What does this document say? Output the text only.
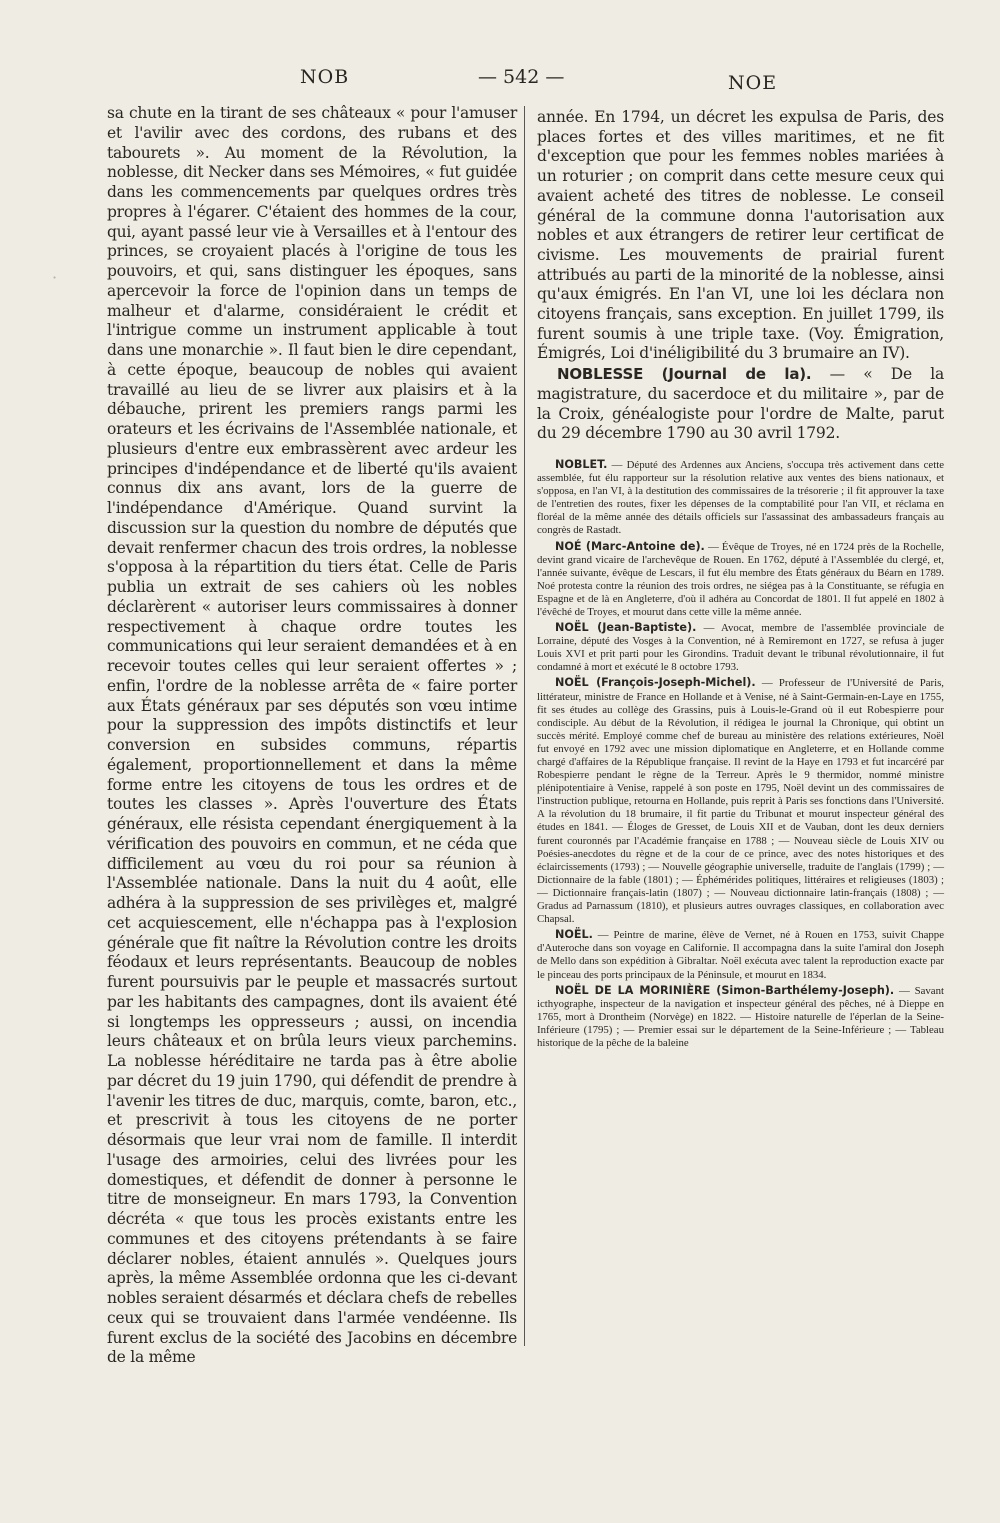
NOB	— 542 —	NOE
sa chute en la tirant de ses châteaux « pour l'amuser et l'avilir avec des cordons, des rubans et des tabourets ». Au moment de la Révolution, la noblesse, dit Necker dans ses Mémoires, « fut guidée dans les commencements par quelques ordres très propres à l'égarer. C'étaient des hommes de la cour, qui, ayant passé leur vie à Versailles et à l'entour des princes, se croyaient placés à l'origine de tous les pouvoirs, et qui, sans distinguer les époques, sans apercevoir la force de l'opinion dans un temps de malheur et d'alarme, considéraient le crédit et l'intrigue comme un instrument applicable à tout dans une monarchie ». Il faut bien le dire cependant, à cette époque, beaucoup de nobles qui avaient travaillé au lieu de se livrer aux plaisirs et à la débauche, prirent les premiers rangs parmi les orateurs et les écrivains de l'Assemblée nationale, et plusieurs d'entre eux embrassèrent avec ardeur les principes d'indépendance et de liberté qu'ils avaient connus dix ans avant, lors de la guerre de l'indépendance d'Amérique. Quand survint la discussion sur la question du nombre de députés que devait renfermer chacun des trois ordres, la noblesse s'opposa à la répartition du tiers état. Celle de Paris publia un extrait de ses cahiers où les nobles déclarèrent « autoriser leurs commissaires à donner respectivement à chaque ordre toutes les communications qui leur seraient demandées et à en recevoir toutes celles qui leur seraient offertes » ; enfin, l'ordre de la noblesse arrêta de « faire porter aux États généraux par ses députés son vœu intime pour la suppression des impôts distinctifs et leur conversion en subsides communs, répartis également, proportionnellement et dans la même forme entre les citoyens de tous les ordres et de toutes les classes ». Après l'ouverture des États généraux, elle résista cependant énergiquement à la vérification des pouvoirs en commun, et ne céda que difficilement au vœu du roi pour sa réunion à l'Assemblée nationale. Dans la nuit du 4 août, elle adhéra à la suppression de ses privilèges et, malgré cet acquiescement, elle n'échappa pas à l'explosion générale que fit naître la Révolution contre les droits féodaux et leurs représentants. Beaucoup de nobles furent poursuivis par le peuple et massacrés surtout par les habitants des campagnes, dont ils avaient été si longtemps les oppresseurs ; aussi, on incendia leurs châteaux et on brûla leurs vieux parchemins. La noblesse héréditaire ne tarda pas à être abolie par décret du 19 juin 1790, qui défendit de prendre à l'avenir les titres de duc, marquis, comte, baron, etc., et prescrivit à tous les citoyens de ne porter désormais que leur vrai nom de famille. Il interdit l'usage des armoiries, celui des livrées pour les domestiques, et défendit de donner à personne le titre de monseigneur. En mars 1793, la Convention décréta « que tous les procès existants entre les communes et des citoyens prétendants à se faire déclarer nobles, étaient annulés ». Quelques jours après, la même Assemblée ordonna que les ci-devant nobles seraient désarmés et déclara chefs de rebelles ceux qui se trouvaient dans l'armée vendéenne. Ils furent exclus de la société des Jacobins en décembre de la même

année. En 1794, un décret les expulsa de Paris, des places fortes et des villes maritimes, et ne fit d'exception que pour les femmes nobles mariées à un roturier ; on comprit dans cette mesure ceux qui avaient acheté des titres de noblesse. Le conseil général de la commune donna l'autorisation aux nobles et aux étrangers de retirer leur certificat de civisme. Les mouvements de prairial furent attribués au parti de la minorité de la noblesse, ainsi qu'aux émigrés. En l'an VI, une loi les déclara non citoyens français, sans exception. En juillet 1799, ils furent soumis à une triple taxe. (Voy. Émigration, Émigrés, Loi d'inéligibilité du 3 brumaire an IV).

NOBLESSE (Journal de la). — « De la magistrature, du sacerdoce et du militaire », par de la Croix, généalogiste pour l'ordre de Malte, parut du 29 décembre 1790 au 30 avril 1792.

NOBLET. — Député des Ardennes aux Anciens, s'occupa très activement dans cette assemblée, fut élu rapporteur sur la résolution relative aux ventes des biens nationaux, et s'opposa, en l'an VI, à la destitution des commissaires de la trésorerie ; il fit approuver la taxe de l'entretien des routes, fixer les dépenses de la comptabilité pour l'an VII, et réclama en floréal de la même année des détails officiels sur l'assassinat des ambassadeurs français au congrès de Rastadt.

NOÉ (Marc-Antoine de). — Évêque de Troyes, né en 1724 près de la Rochelle, devint grand vicaire de l'archevêque de Rouen. En 1762, député à l'Assemblée du clergé, et, l'année suivante, évêque de Lescars, il fut élu membre des États généraux du Béarn en 1789. Noé protesta contre la réunion des trois ordres, ne siégea pas à la Constituante, se réfugia en Espagne et de là en Angleterre, d'où il adhéra au Concordat de 1801. Il fut appelé en 1802 à l'évêché de Troyes, et mourut dans cette ville la même année.

NOËL (Jean-Baptiste). — Avocat, membre de l'assemblée provinciale de Lorraine, député des Vosges à la Convention, né à Remiremont en 1727, se refusa à juger Louis XVI et prit parti pour les Girondins. Traduit devant le tribunal révolutionnaire, il fut condamné à mort et exécuté le 8 octobre 1793.

NOËL (François-Joseph-Michel). — Professeur de l'Université de Paris, littérateur, ministre de France en Hollande et à Venise, né à Saint-Germain-en-Laye en 1755, fit ses études au collège des Grassins, puis à Louis-le-Grand où il eut Robespierre pour condisciple. Au début de la Révolution, il rédigea le journal la Chronique, qui obtint un succès mérité. Employé comme chef de bureau au ministère des relations extérieures, Noël fut envoyé en 1792 avec une mission diplomatique en Angleterre, et en Hollande comme chargé d'affaires de la République française. Il revint de la Haye en 1793 et fut incarcéré par Robespierre pendant le règne de la Terreur. Après le 9 thermidor, nommé ministre plénipotentiaire à Venise, rappelé à son poste en 1795, Noël devint un des commissaires de l'instruction publique, retourna en Hollande, puis reprit à Paris ses fonctions dans l'Université. A la révolution du 18 brumaire, il fit partie du Tribunat et mourut inspecteur général des études en 1841. — Éloges de Gresset, de Louis XII et de Vauban, dont les deux derniers furent couronnés par l'Académie française en 1788 ; — Nouveau siècle de Louis XIV ou Poésies-anecdotes du règne et de la cour de ce prince, avec des notes historiques et des éclaircissements (1793) ; — Nouvelle géographie universelle, traduite de l'anglais (1799) ; — Dictionnaire de la fable (1801) ; — Éphémérides politiques, littéraires et religieuses (1803) ; — Dictionnaire français-latin (1807) ; — Nouveau dictionnaire latin-français (1808) ; — Gradus ad Parnassum (1810), et plusieurs autres ouvrages classiques, en collaboration avec Chapsal.

NOËL. — Peintre de marine, élève de Vernet, né à Rouen en 1753, suivit Chappe d'Auteroche dans son voyage en Californie. Il accompagna dans la suite l'amiral don Joseph de Mello dans son expédition à Gibraltar. Noël exécuta avec talent la reproduction exacte par le pinceau des ports principaux de la Péninsule, et mourut en 1834.

NOËL DE LA MORINIÈRE (Simon-Barthélemy-Joseph). — Savant icthyographe, inspecteur de la navigation et inspecteur général des pêches, né à Dieppe en 1765, mort à Drontheim (Norvège) en 1822. — Histoire naturelle de l'éperlan de la Seine-Inférieure (1795) ; — Premier essai sur le département de la Seine-Inférieure ; — Tableau historique de la pêche de la baleine

·
